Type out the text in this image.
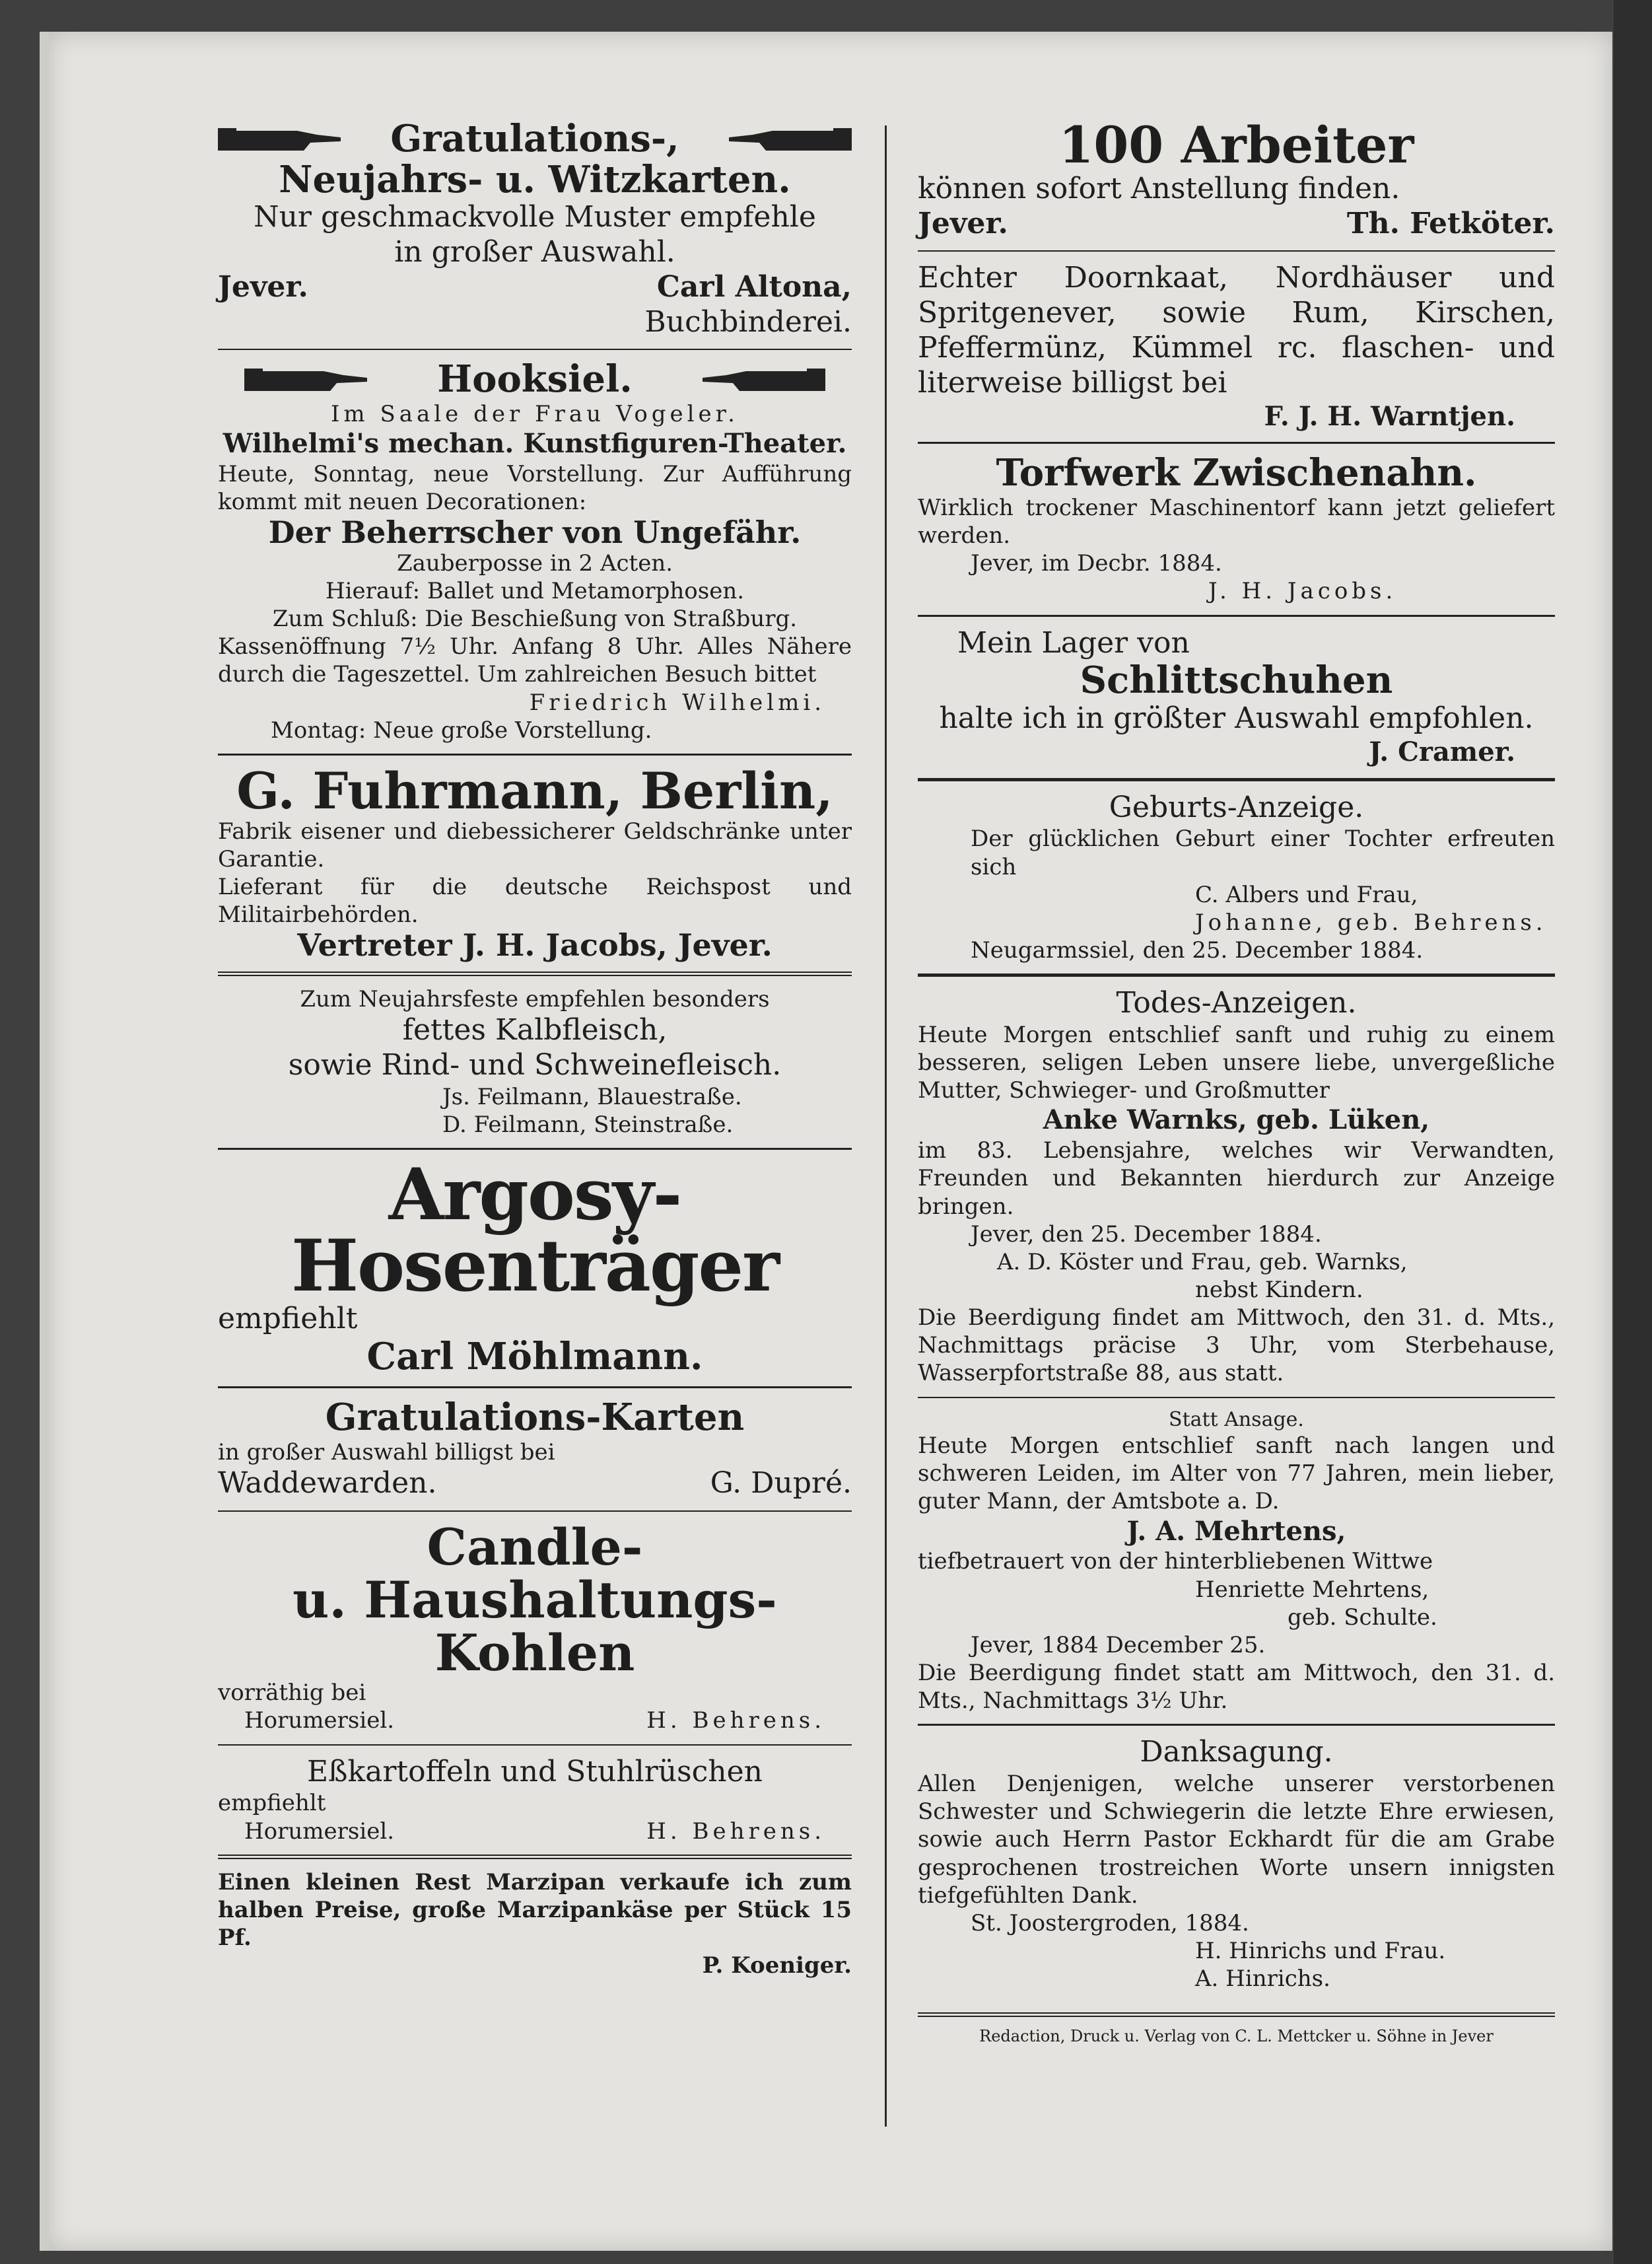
Gratulations-,
Neujahrs- u. Witzkarten.
Nur geschmackvolle Muster empfehle
in großer Auswahl.
Jever.	Carl Altona,
Buchbinderei.
Hooksiel.
Im Saale der Frau Vogeler.
Wilhelmi's mechan. Kunstfiguren-Theater.
Heute, Sonntag, neue Vorstellung. Zur Aufführung kommt mit neuen Decorationen:
Der Beherrscher von Ungefähr.
Zauberposse in 2 Acten.
Hierauf: Ballet und Metamorphosen.
Zum Schluß: Die Beschießung von Straßburg.
Kassenöffnung 7½ Uhr. Anfang 8 Uhr. Alles Nähere durch die Tageszettel. Um zahlreichen Besuch bittet
Friedrich Wilhelmi.
Montag: Neue große Vorstellung.
G. Fuhrmann, Berlin,
Fabrik eisener und diebessicherer Geldschränke unter Garantie.
Lieferant für die deutsche Reichspost und Militairbehörden.
Vertreter J. H. Jacobs, Jever.
Zum Neujahrsfeste empfehlen besonders
fettes Kalbfleisch,
sowie Rind- und Schweinefleisch.
Js. Feilmann, Blauestraße.
D. Feilmann, Steinstraße.
Argosy-Hosenträger
empfiehlt
Carl Möhlmann.
Gratulations-Karten
in großer Auswahl billigst bei
Waddewarden.	G. Dupré.
Candle-
u. Haushaltungs-Kohlen
vorräthig bei
Horumersiel.	H. Behrens.
Eßkartoffeln und Stuhlrüschen
empfiehlt
Horumersiel.	H. Behrens.
Einen kleinen Rest Marzipan verkaufe ich zum halben Preise, große Marzipankäse per Stück 15 Pf.
P. Koeniger.
100 Arbeiter
können sofort Anstellung finden.
Jever.	Th. Fetköter.
Echter Doornkaat, Nordhäuser und Spritgenever, sowie Rum, Kirschen, Pfeffermünz, Kümmel rc. flaschen- und literweise billigst bei
F. J. H. Warntjen.
Torfwerk Zwischenahn.
Wirklich trockener Maschinentorf kann jetzt geliefert werden.
Jever, im Decbr. 1884.
J. H. Jacobs.
Mein Lager von
Schlittschuhen
halte ich in größter Auswahl empfohlen.
J. Cramer.
Geburts-Anzeige.
Der glücklichen Geburt einer Tochter erfreuten sich
C. Albers und Frau,
Johanne, geb. Behrens.
Neugarmssiel, den 25. December 1884.
Todes-Anzeigen.
Heute Morgen entschlief sanft und ruhig zu einem besseren, seligen Leben unsere liebe, unvergeßliche Mutter, Schwieger- und Großmutter
Anke Warnks, geb. Lüken,
im 83. Lebensjahre, welches wir Verwandten, Freunden und Bekannten hierdurch zur Anzeige bringen.
Jever, den 25. December 1884.
A. D. Köster und Frau, geb. Warnks,
nebst Kindern.
Die Beerdigung findet am Mittwoch, den 31. d. Mts., Nachmittags präcise 3 Uhr, vom Sterbehause, Wasserpfortstraße 88, aus statt.
Statt Ansage.
Heute Morgen entschlief sanft nach langen und schweren Leiden, im Alter von 77 Jahren, mein lieber, guter Mann, der Amtsbote a. D.
J. A. Mehrtens,
tiefbetrauert von der hinterbliebenen Wittwe
Henriette Mehrtens,
geb. Schulte.
Jever, 1884 December 25.
Die Beerdigung findet statt am Mittwoch, den 31. d. Mts., Nachmittags 3½ Uhr.
Danksagung.
Allen Denjenigen, welche unserer verstorbenen Schwester und Schwiegerin die letzte Ehre erwiesen, sowie auch Herrn Pastor Eckhardt für die am Grabe gesprochenen trostreichen Worte unsern innigsten tiefgefühlten Dank.
St. Joostergroden, 1884.
H. Hinrichs und Frau.
A. Hinrichs.
Redaction, Druck u. Verlag von C. L. Mettcker u. Söhne in Jever
